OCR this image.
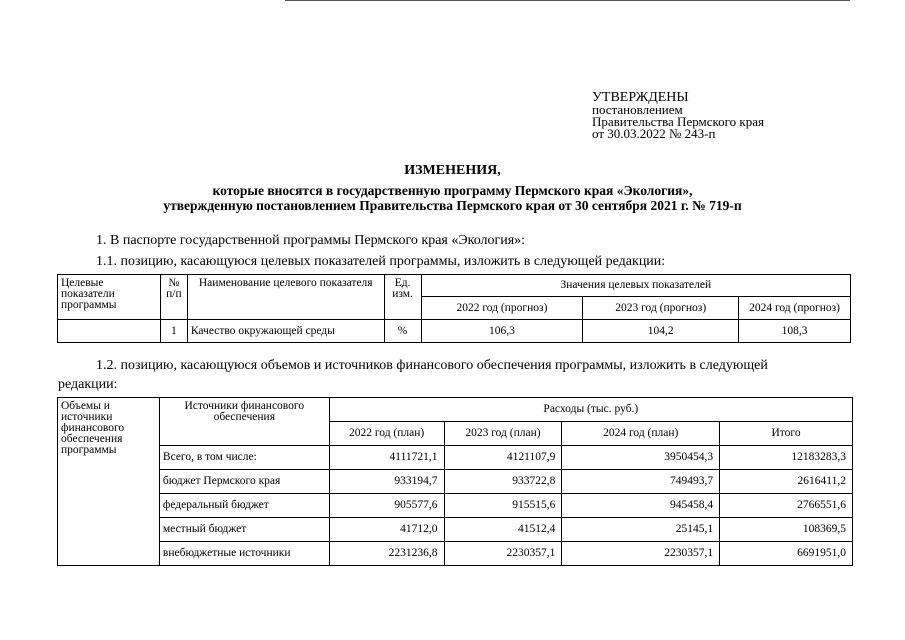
УТВЕРЖДЕНЫ
постановлением
Правительства Пермского края
от 30.03.2022 № 243-п
ИЗМЕНЕНИЯ,
которые вносятся в государственную программу Пермского края «Экология»,
утвержденную постановлением Правительства Пермского края от 30 сентября 2021 г. № 719-п
1. В паспорте государственной программы Пермского края «Экология»:
1.1. позицию, касающуюся целевых показателей программы, изложить в следующей редакции:
Целевые показатели программы	№ п/п	Наименование целевого показателя	Ед. изм.	Значения целевых показателей		
				2022 год (прогноз)	2023 год (прогноз)	2024 год (прогноз)
	1	Качество окружающей среды	%	106,3	104,2	108,3
1.2. позицию, касающуюся объемов и источников финансового обеспечения программы, изложить в следующей
редакции:
Объемы и источники финансового обеспечения программы	Источники финансового обеспечения	Расходы (тыс. руб.)			
		2022 год (план)	2023 год (план)	2024 год (план)	Итого
	Всего, в том числе:	4111721,1	4121107,9	3950454,3	12183283,3
	бюджет Пермского края	933194,7	933722,8	749493,7	2616411,2
	федеральный бюджет	905577,6	915515,6	945458,4	2766551,6
	местный бюджет	41712,0	41512,4	25145,1	108369,5
	внебюджетные источники	2231236,8	2230357,1	2230357,1	6691951,0
